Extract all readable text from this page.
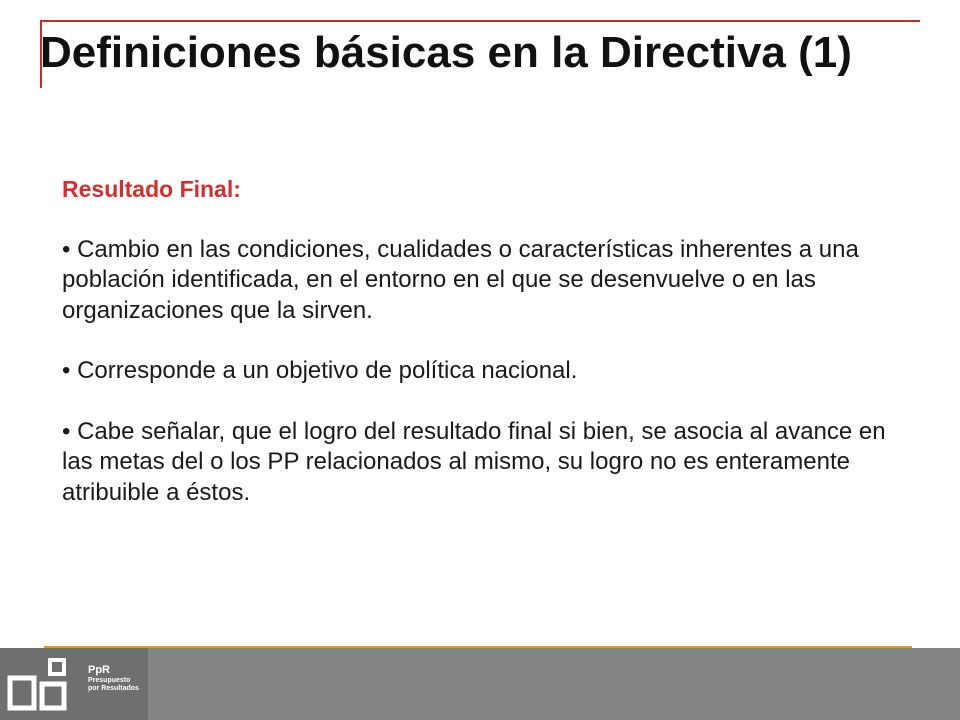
Definiciones básicas en la Directiva (1)

Resultado Final:

• Cambio en las condiciones, cualidades o características inherentes a una población identificada, en el entorno en el que se desenvuelve o en las organizaciones que la sirven.

• Corresponde a un objetivo de política nacional.

• Cabe señalar, que el logro del resultado final si bien, se asocia al avance en las metas del o los PP relacionados al mismo, su logro no es enteramente atribuible a éstos.

PpR
Presupuesto
por Resultados
